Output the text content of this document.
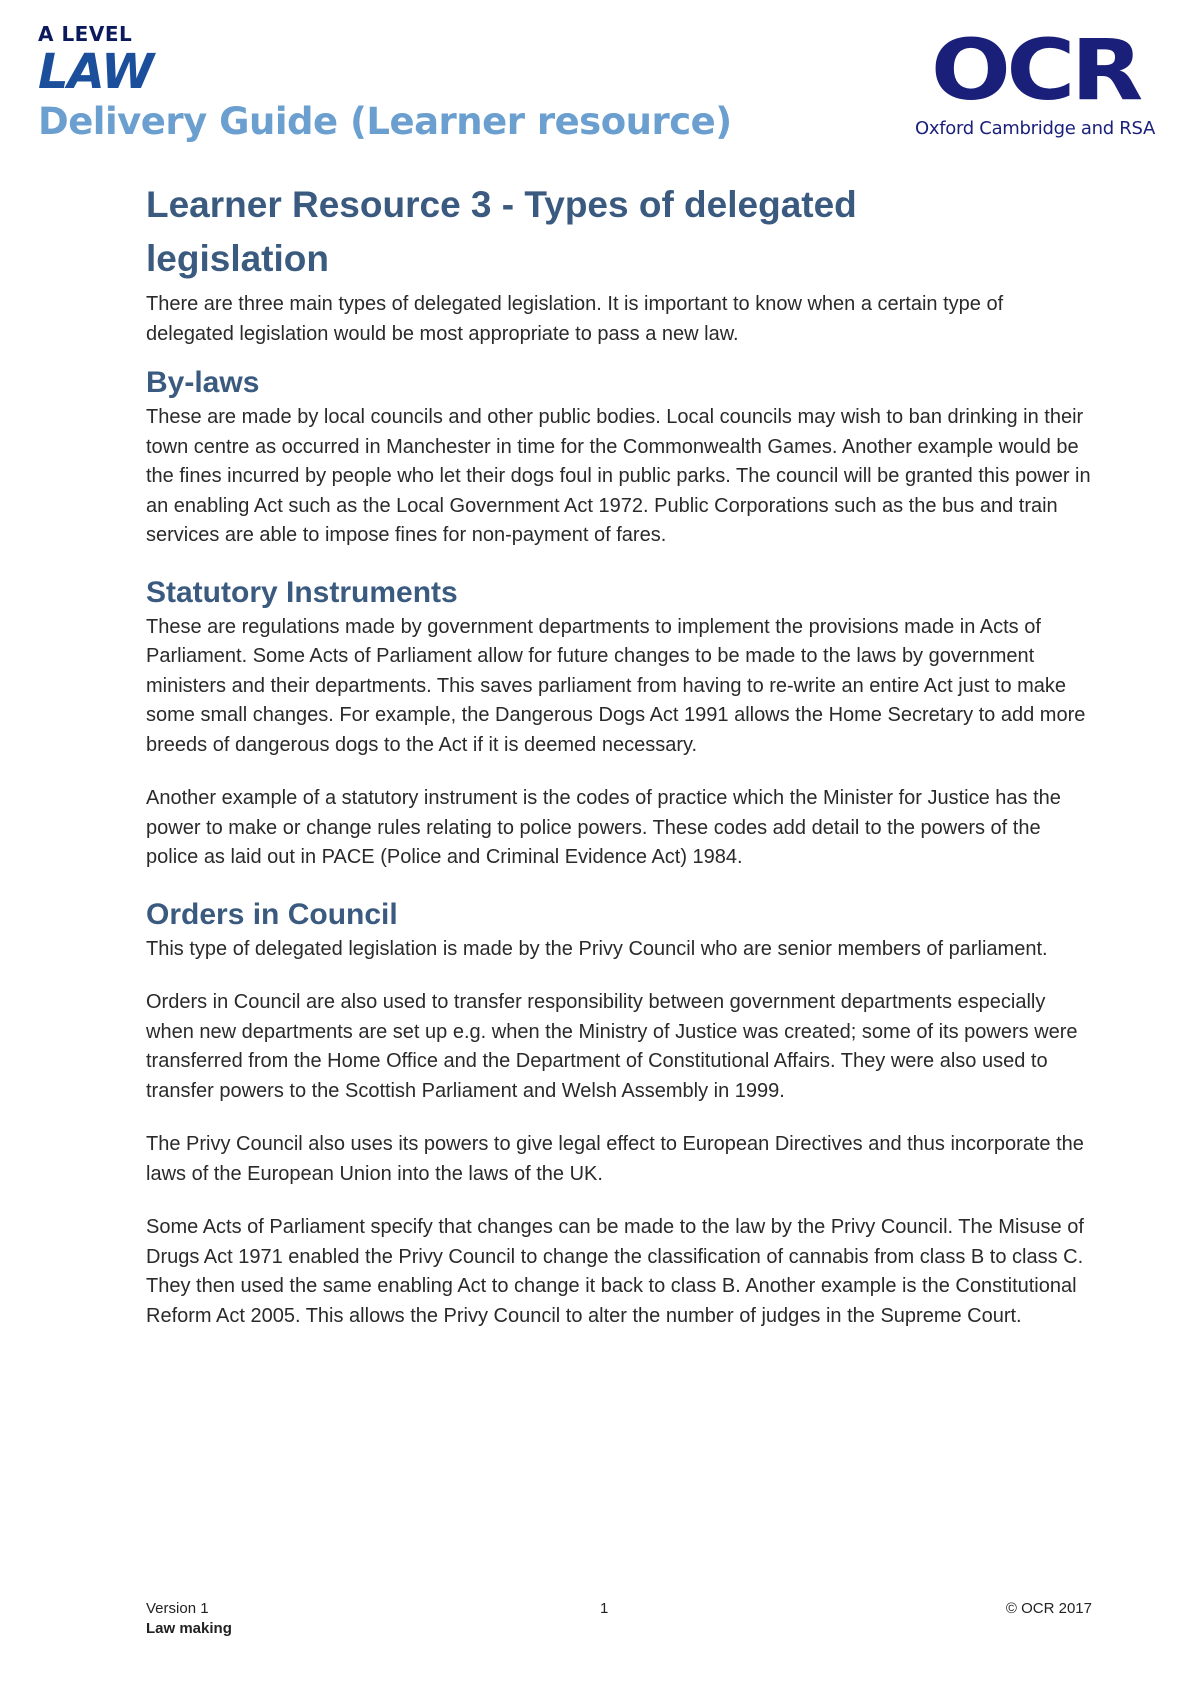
A LEVEL
LAW
Delivery Guide (Learner resource)
OCR
Oxford Cambridge and RSA
Learner Resource 3 - Types of delegated legislation

There are three main types of delegated legislation. It is important to know when a certain type of delegated legislation would be most appropriate to pass a new law.

By-laws

These are made by local councils and other public bodies. Local councils may wish to ban drinking in their town centre as occurred in Manchester in time for the Commonwealth Games. Another example would be the fines incurred by people who let their dogs foul in public parks. The council will be granted this power in an enabling Act such as the Local Government Act 1972. Public Corporations such as the bus and train services are able to impose fines for non-payment of fares.

Statutory Instruments

These are regulations made by government departments to implement the provisions made in Acts of Parliament. Some Acts of Parliament allow for future changes to be made to the laws by government ministers and their departments. This saves parliament from having to re-write an entire Act just to make some small changes. For example, the Dangerous Dogs Act 1991 allows the Home Secretary to add more breeds of dangerous dogs to the Act if it is deemed necessary.

Another example of a statutory instrument is the codes of practice which the Minister for Justice has the power to make or change rules relating to police powers. These codes add detail to the powers of the police as laid out in PACE (Police and Criminal Evidence Act) 1984.

Orders in Council

This type of delegated legislation is made by the Privy Council who are senior members of parliament.

Orders in Council are also used to transfer responsibility between government departments especially when new departments are set up e.g. when the Ministry of Justice was created; some of its powers were transferred from the Home Office and the Department of Constitutional Affairs. They were also used to transfer powers to the Scottish Parliament and Welsh Assembly in 1999.

The Privy Council also uses its powers to give legal effect to European Directives and thus incorporate the laws of the European Union into the laws of the UK.

Some Acts of Parliament specify that changes can be made to the law by the Privy Council. The Misuse of Drugs Act 1971 enabled the Privy Council to change the classification of cannabis from class B to class C. They then used the same enabling Act to change it back to class B. Another example is the Constitutional Reform Act 2005. This allows the Privy Council to alter the number of judges in the Supreme Court.

Version 1	1	© OCR 2017
Law making
